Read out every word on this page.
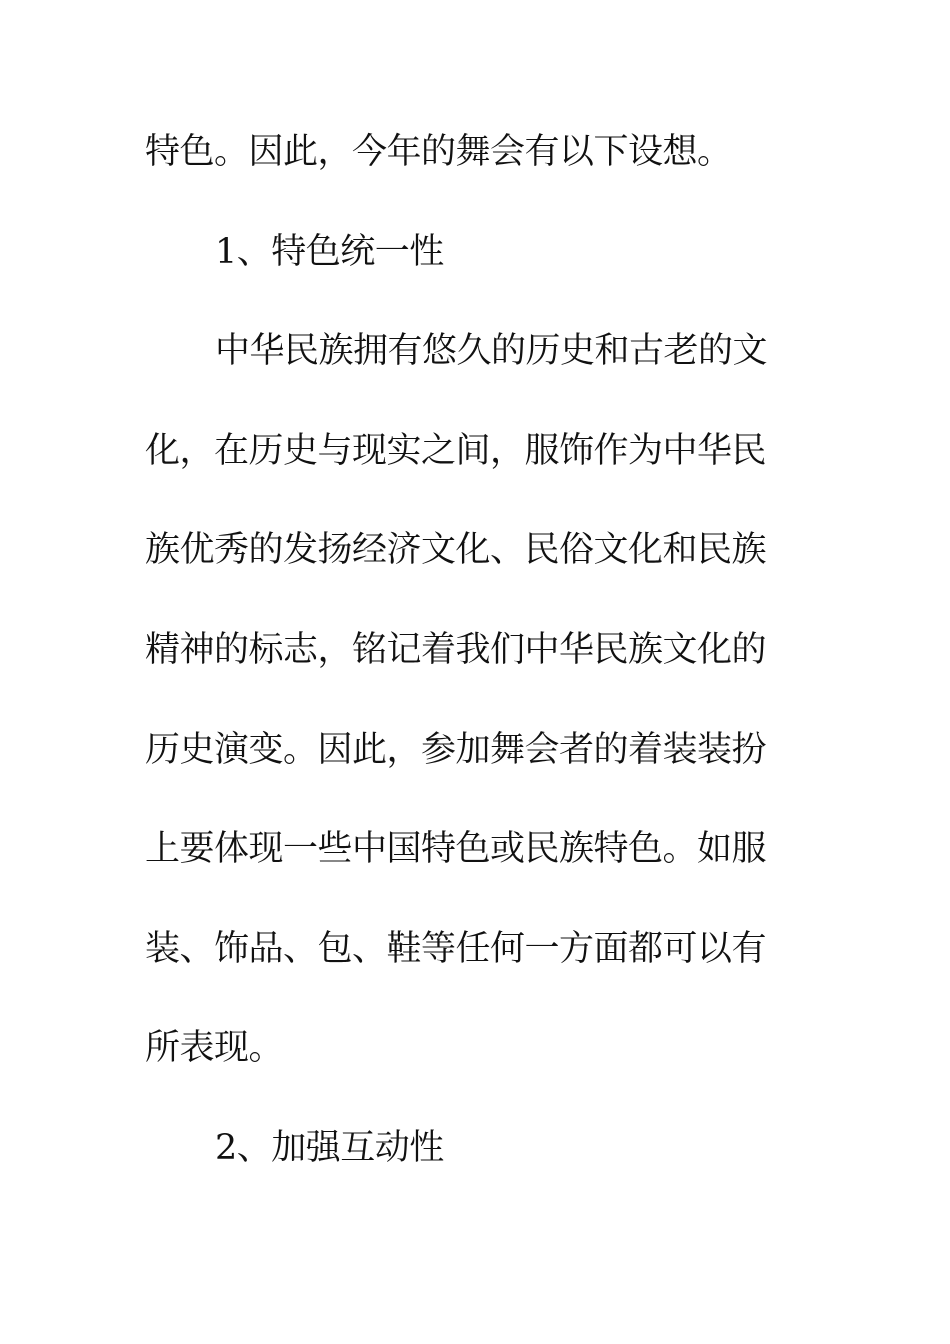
特色。因此，今年的舞会有以下设想。
1、特色统一性
中华民族拥有悠久的历史和古老的文
化，在历史与现实之间，服饰作为中华民
族优秀的发扬经济文化、民俗文化和民族
精神的标志，铭记着我们中华民族文化的
历史演变。因此，参加舞会者的着装装扮
上要体现一些中国特色或民族特色。如服
装、饰品、包、鞋等任何一方面都可以有
所表现。
2、加强互动性
